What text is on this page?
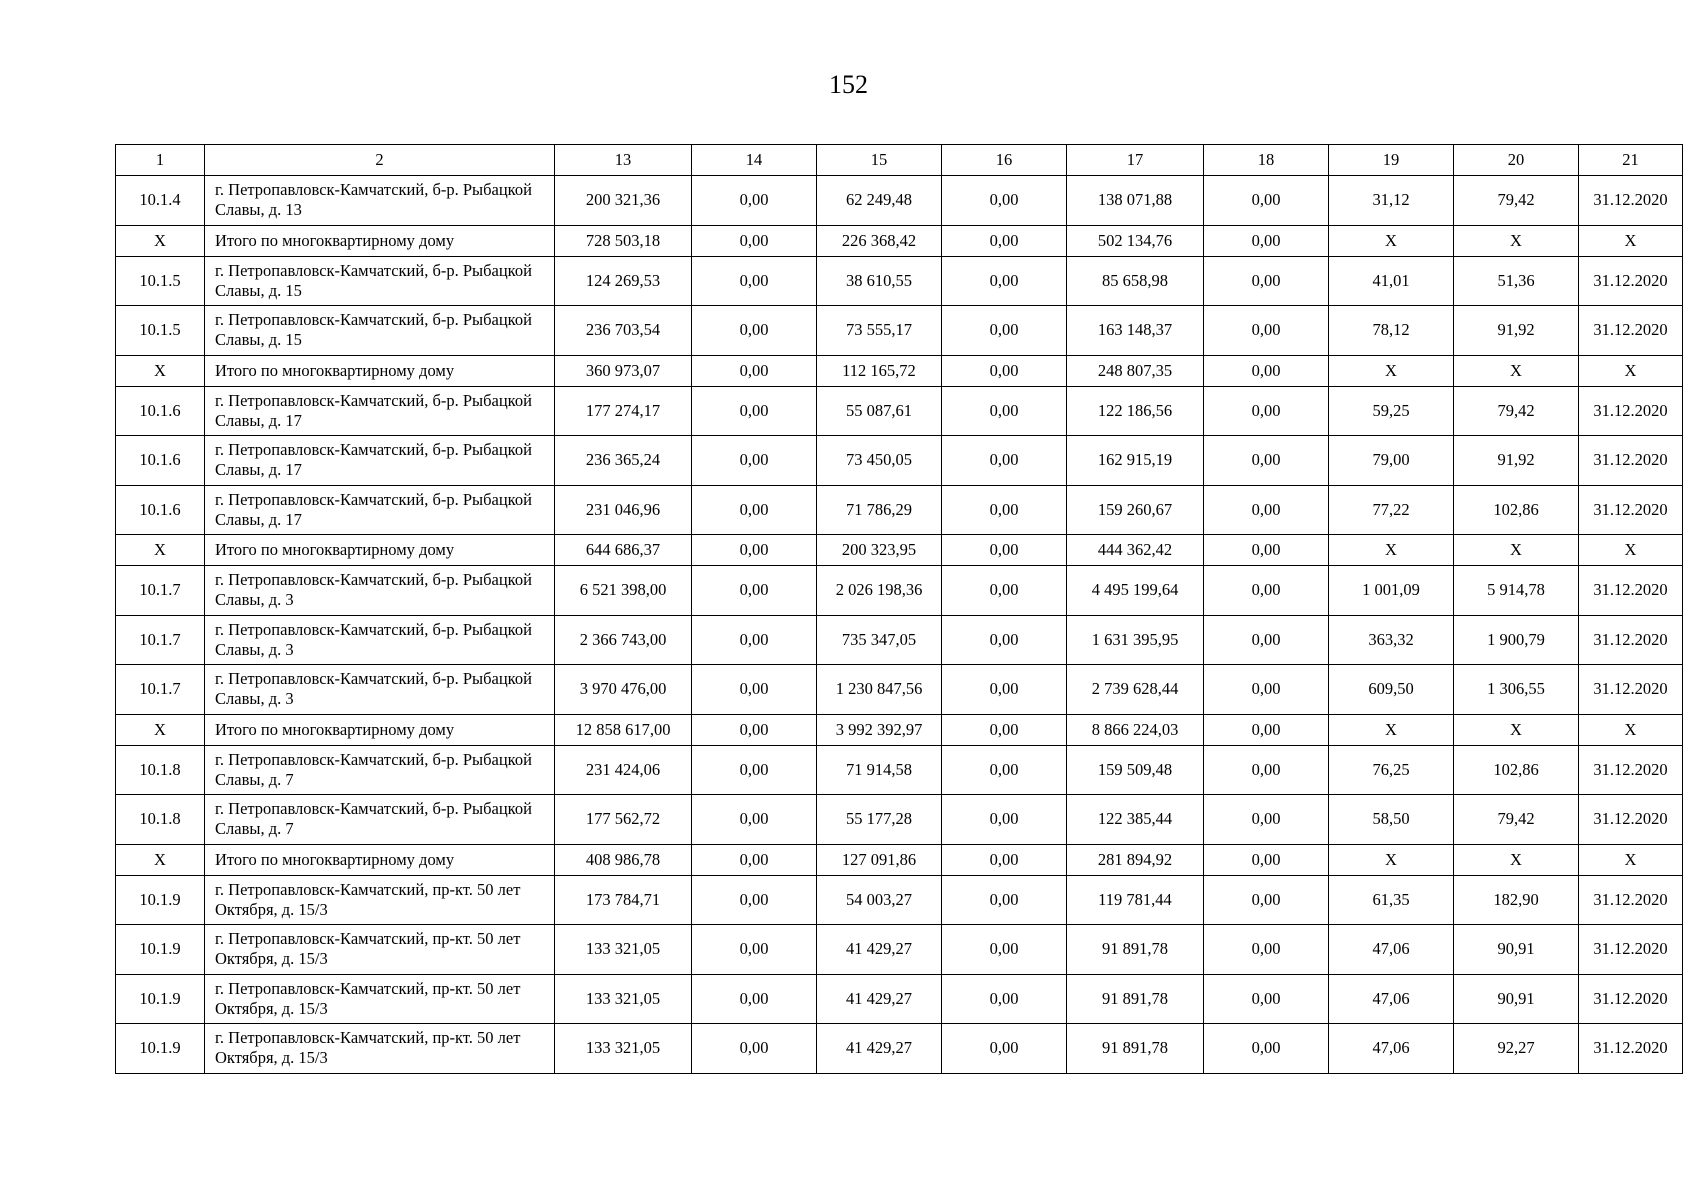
152
1	2	13	14	15	16	17	18	19	20	21
10.1.4	г. Петропавловск-Камчатский, б-р. Рыбацкой Славы, д. 13	200 321,36	0,00	62 249,48	0,00	138 071,88	0,00	31,12	79,42	31.12.2020
X	Итого по многоквартирному дому	728 503,18	0,00	226 368,42	0,00	502 134,76	0,00	X	X	X
10.1.5	г. Петропавловск-Камчатский, б-р. Рыбацкой Славы, д. 15	124 269,53	0,00	38 610,55	0,00	85 658,98	0,00	41,01	51,36	31.12.2020
10.1.5	г. Петропавловск-Камчатский, б-р. Рыбацкой Славы, д. 15	236 703,54	0,00	73 555,17	0,00	163 148,37	0,00	78,12	91,92	31.12.2020
X	Итого по многоквартирному дому	360 973,07	0,00	112 165,72	0,00	248 807,35	0,00	X	X	X
10.1.6	г. Петропавловск-Камчатский, б-р. Рыбацкой Славы, д. 17	177 274,17	0,00	55 087,61	0,00	122 186,56	0,00	59,25	79,42	31.12.2020
10.1.6	г. Петропавловск-Камчатский, б-р. Рыбацкой Славы, д. 17	236 365,24	0,00	73 450,05	0,00	162 915,19	0,00	79,00	91,92	31.12.2020
10.1.6	г. Петропавловск-Камчатский, б-р. Рыбацкой Славы, д. 17	231 046,96	0,00	71 786,29	0,00	159 260,67	0,00	77,22	102,86	31.12.2020
X	Итого по многоквартирному дому	644 686,37	0,00	200 323,95	0,00	444 362,42	0,00	X	X	X
10.1.7	г. Петропавловск-Камчатский, б-р. Рыбацкой Славы, д. 3	6 521 398,00	0,00	2 026 198,36	0,00	4 495 199,64	0,00	1 001,09	5 914,78	31.12.2020
10.1.7	г. Петропавловск-Камчатский, б-р. Рыбацкой Славы, д. 3	2 366 743,00	0,00	735 347,05	0,00	1 631 395,95	0,00	363,32	1 900,79	31.12.2020
10.1.7	г. Петропавловск-Камчатский, б-р. Рыбацкой Славы, д. 3	3 970 476,00	0,00	1 230 847,56	0,00	2 739 628,44	0,00	609,50	1 306,55	31.12.2020
X	Итого по многоквартирному дому	12 858 617,00	0,00	3 992 392,97	0,00	8 866 224,03	0,00	X	X	X
10.1.8	г. Петропавловск-Камчатский, б-р. Рыбацкой Славы, д. 7	231 424,06	0,00	71 914,58	0,00	159 509,48	0,00	76,25	102,86	31.12.2020
10.1.8	г. Петропавловск-Камчатский, б-р. Рыбацкой Славы, д. 7	177 562,72	0,00	55 177,28	0,00	122 385,44	0,00	58,50	79,42	31.12.2020
X	Итого по многоквартирному дому	408 986,78	0,00	127 091,86	0,00	281 894,92	0,00	X	X	X
10.1.9	г. Петропавловск-Камчатский, пр-кт. 50 лет Октября, д. 15/3	173 784,71	0,00	54 003,27	0,00	119 781,44	0,00	61,35	182,90	31.12.2020
10.1.9	г. Петропавловск-Камчатский, пр-кт. 50 лет Октября, д. 15/3	133 321,05	0,00	41 429,27	0,00	91 891,78	0,00	47,06	90,91	31.12.2020
10.1.9	г. Петропавловск-Камчатский, пр-кт. 50 лет Октября, д. 15/3	133 321,05	0,00	41 429,27	0,00	91 891,78	0,00	47,06	90,91	31.12.2020
10.1.9	г. Петропавловск-Камчатский, пр-кт. 50 лет Октября, д. 15/3	133 321,05	0,00	41 429,27	0,00	91 891,78	0,00	47,06	92,27	31.12.2020
